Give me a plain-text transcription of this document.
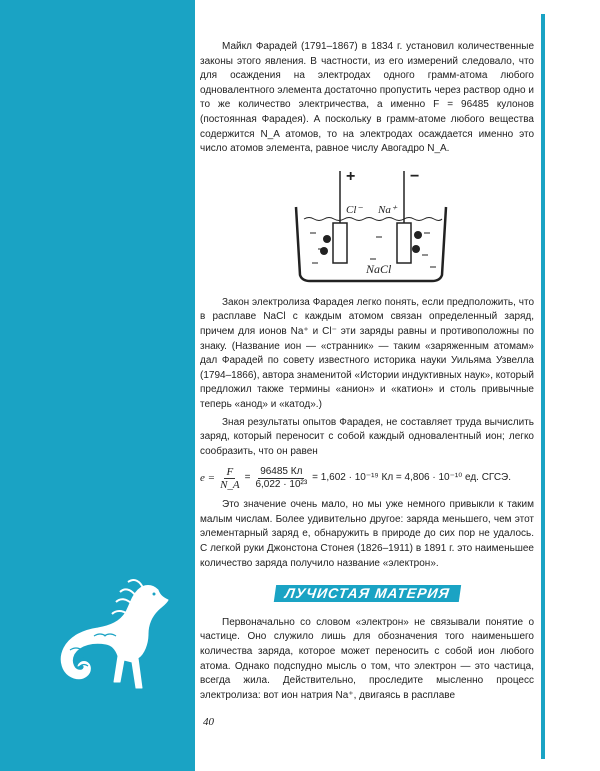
Майкл Фарадей (1791–1867) в 1834 г. установил количественные законы этого явления. В частности, из его измерений следовало, что для осаждения на электродах одного грамм-атома любого одновалентного элемента достаточно пропустить через раствор одно и то же количество электричества, а именно F = 96485 кулонов (постоянная Фарадея). А поскольку в грамм-атоме любого вещества содержится N_A атомов, то на электродах осаждается именно это число атомов элемента, равное числу Авогадро N_A.

+	−
Cl⁻ Na⁺
NaCl

Закон электролиза Фарадея легко понять, если предположить, что в расплаве NaCl с каждым атомом связан определенный заряд, причем для ионов Na⁺ и Cl⁻ эти заряды равны и противоположны по знаку. (Название ион — «странник» — таким «заряженным атомам» дал Фарадей по совету известного историка науки Уильяма Узвелла (1794–1866), автора знаменитой «Истории индуктивных наук», который предложил также термины «анион» и «катион» и столь привычные теперь «анод» и «катод».)

Зная результаты опытов Фарадея, не составляет труда вычислить заряд, который переносит с собой каждый одновалентный ион; легко сообразить, что он равен

$e = \frac{F}{N\_A} = \frac{96485 Кл}{\text{6,022 · 10²³}} = 1,602 \cdot 10^{-19}$ Кл = 4,806 · 10⁻¹⁰ ед. СГСЭ.

Это значение очень мало, но мы уже немного привыкли к таким малым числам. Более удивительно другое: заряда меньшего, чем этот элементарный заряд e, обнаружить в природе до сих пор не удалось. С легкой руки Джонстона Стонея (1826–1911) в 1891 г. это наименьшее количество заряда получило название «электрон».

ЛУЧИСТАЯ МАТЕРИЯ

Первоначально со словом «электрон» не связывали понятие о частице. Оно служило лишь для обозначения того наименьшего количества заряда, которое может переносить с собой ион любого атома. Однако подспудно мысль о том, что электрон — это частица, всегда жила. Действительно, проследите мысленно процесс электролиза: вот ион натрия Na⁺, двигаясь в расплаве

40
